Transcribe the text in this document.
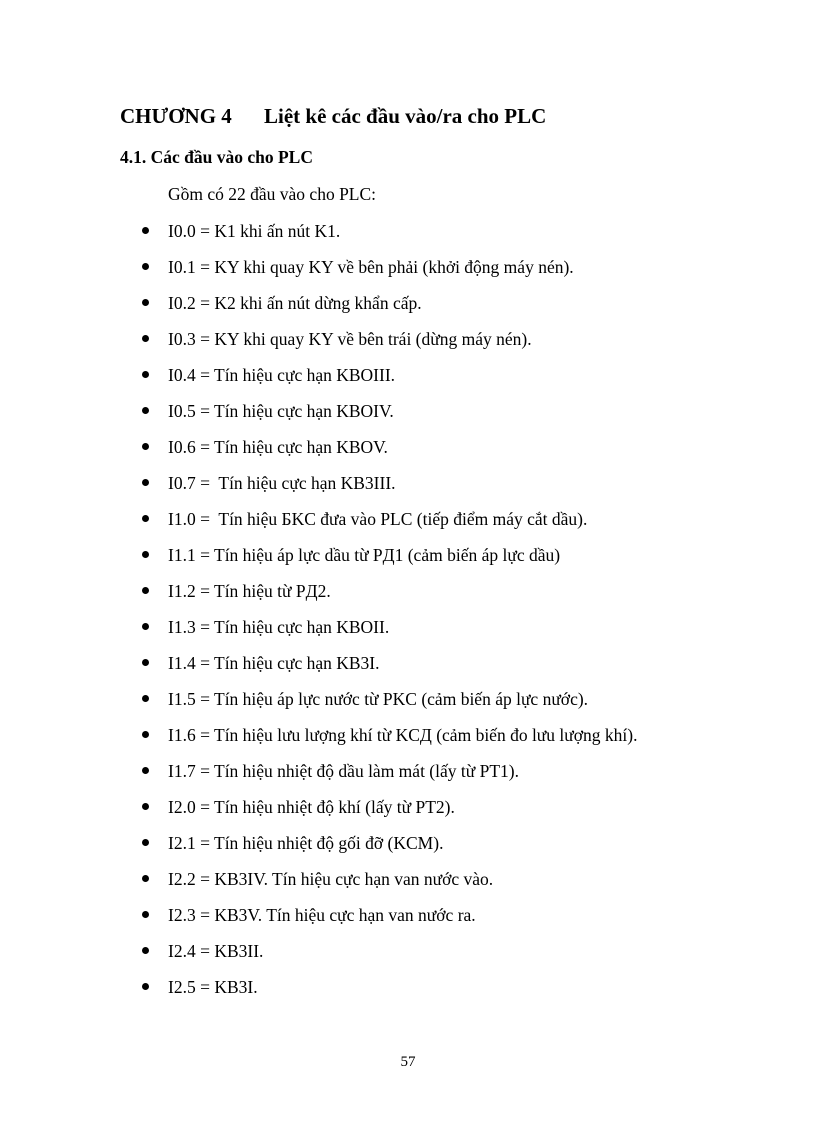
CHƯƠNG 4 Liệt kê các đầu vào/ra cho PLC
4.1. Các đầu vào cho PLC
Gồm có 22 đầu vào cho PLC:
I0.0 = K1 khi ấn nút K1.
I0.1 = KY khi quay KY về bên phải (khởi động máy nén).
I0.2 = K2 khi ấn nút dừng khẩn cấp.
I0.3 = KY khi quay KY về bên trái (dừng máy nén).
I0.4 = Tín hiệu cực hạn KBOIII.
I0.5 = Tín hiệu cực hạn KBOIV.
I0.6 = Tín hiệu cực hạn KBOV.
I0.7 =  Tín hiệu cực hạn KB3III.
I1.0 =  Tín hiệu БKC đưa vào PLC (tiếp điểm máy cắt dầu).
I1.1 = Tín hiệu áp lực dầu từ PД1 (cảm biến áp lực dầu)
I1.2 = Tín hiệu từ PД2.
I1.3 = Tín hiệu cực hạn KBOII.
I1.4 = Tín hiệu cực hạn KB3I.
I1.5 = Tín hiệu áp lực nước từ PKC (cảm biến áp lực nước).
I1.6 = Tín hiệu lưu lượng khí từ KCД (cảm biến đo lưu lượng khí).
I1.7 = Tín hiệu nhiệt độ dầu làm mát (lấy từ PT1).
I2.0 = Tín hiệu nhiệt độ khí (lấy từ PT2).
I2.1 = Tín hiệu nhiệt độ gối đỡ (KCM).
I2.2 = KB3IV. Tín hiệu cực hạn van nước vào.
I2.3 = KB3V. Tín hiệu cực hạn van nước ra.
I2.4 = KB3II.
I2.5 = KB3I.
57
